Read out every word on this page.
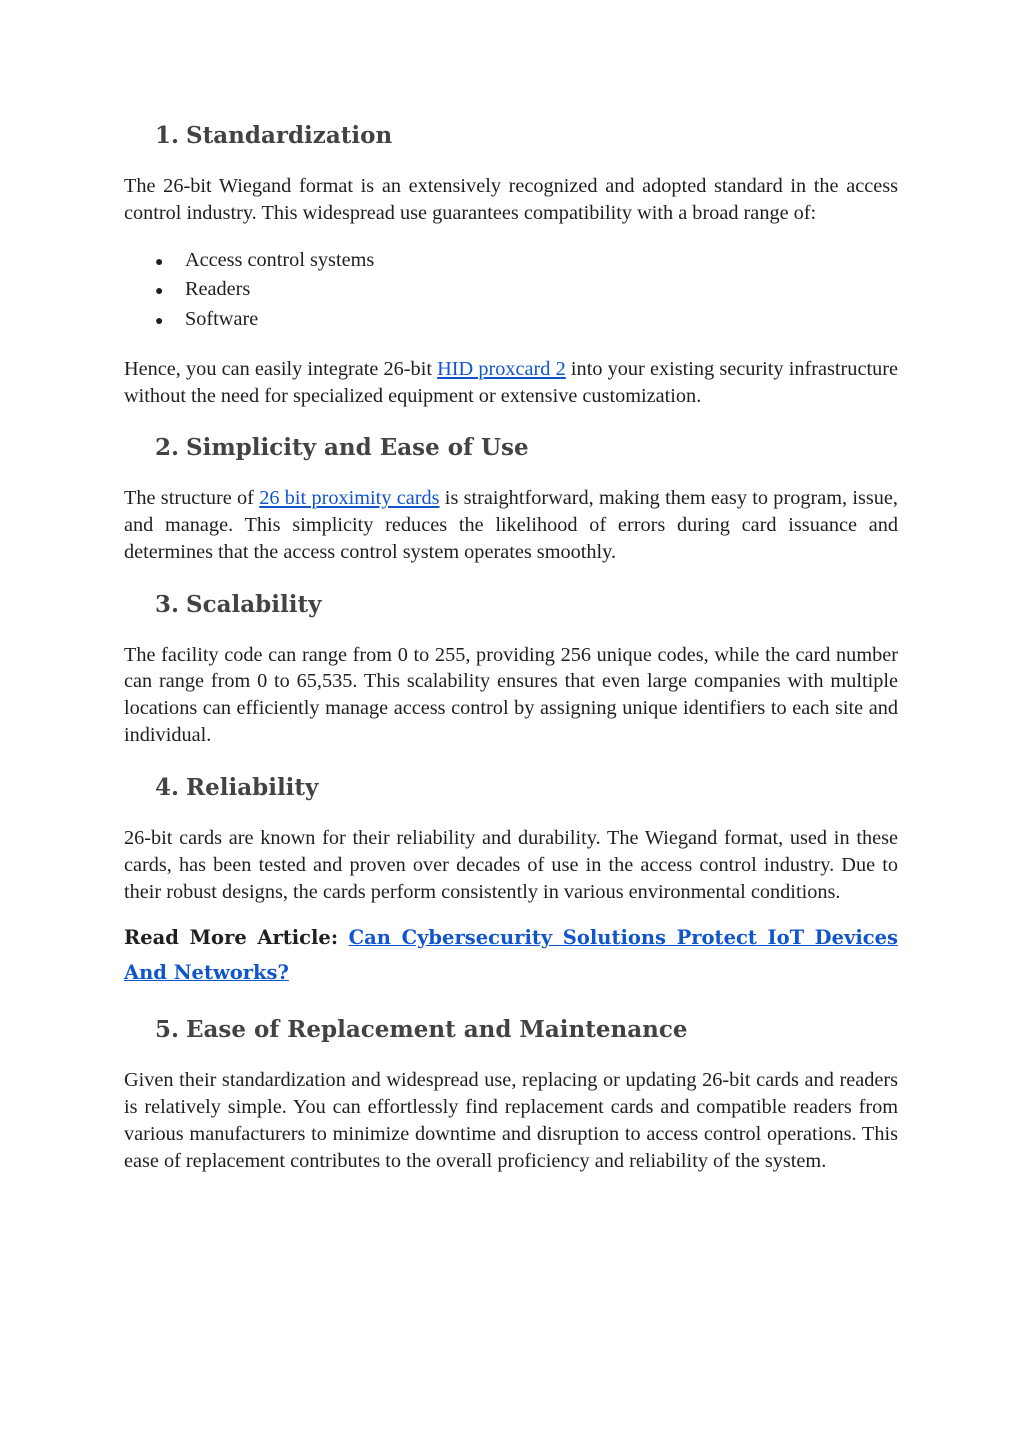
1. Standardization

The 26-bit Wiegand format is an extensively recognized and adopted standard in the access control industry. This widespread use guarantees compatibility with a broad range of:

●	Access control systems
●	Readers
●	Software

Hence, you can easily integrate 26-bit HID proxcard 2 into your existing security infrastructure without the need for specialized equipment or extensive customization.

2. Simplicity and Ease of Use

The structure of 26 bit proximity cards is straightforward, making them easy to program, issue, and manage. This simplicity reduces the likelihood of errors during card issuance and determines that the access control system operates smoothly.

3. Scalability

The facility code can range from 0 to 255, providing 256 unique codes, while the card number can range from 0 to 65,535. This scalability ensures that even large companies with multiple locations can efficiently manage access control by assigning unique identifiers to each site and individual.

4. Reliability

26-bit cards are known for their reliability and durability. The Wiegand format, used in these cards, has been tested and proven over decades of use in the access control industry. Due to their robust designs, the cards perform consistently in various environmental conditions.

Read More Article: Can Cybersecurity Solutions Protect IoT Devices And Networks?

5. Ease of Replacement and Maintenance

Given their standardization and widespread use, replacing or updating 26-bit cards and readers is relatively simple. You can effortlessly find replacement cards and compatible readers from various manufacturers to minimize downtime and disruption to access control operations. This ease of replacement contributes to the overall proficiency and reliability of the system.
